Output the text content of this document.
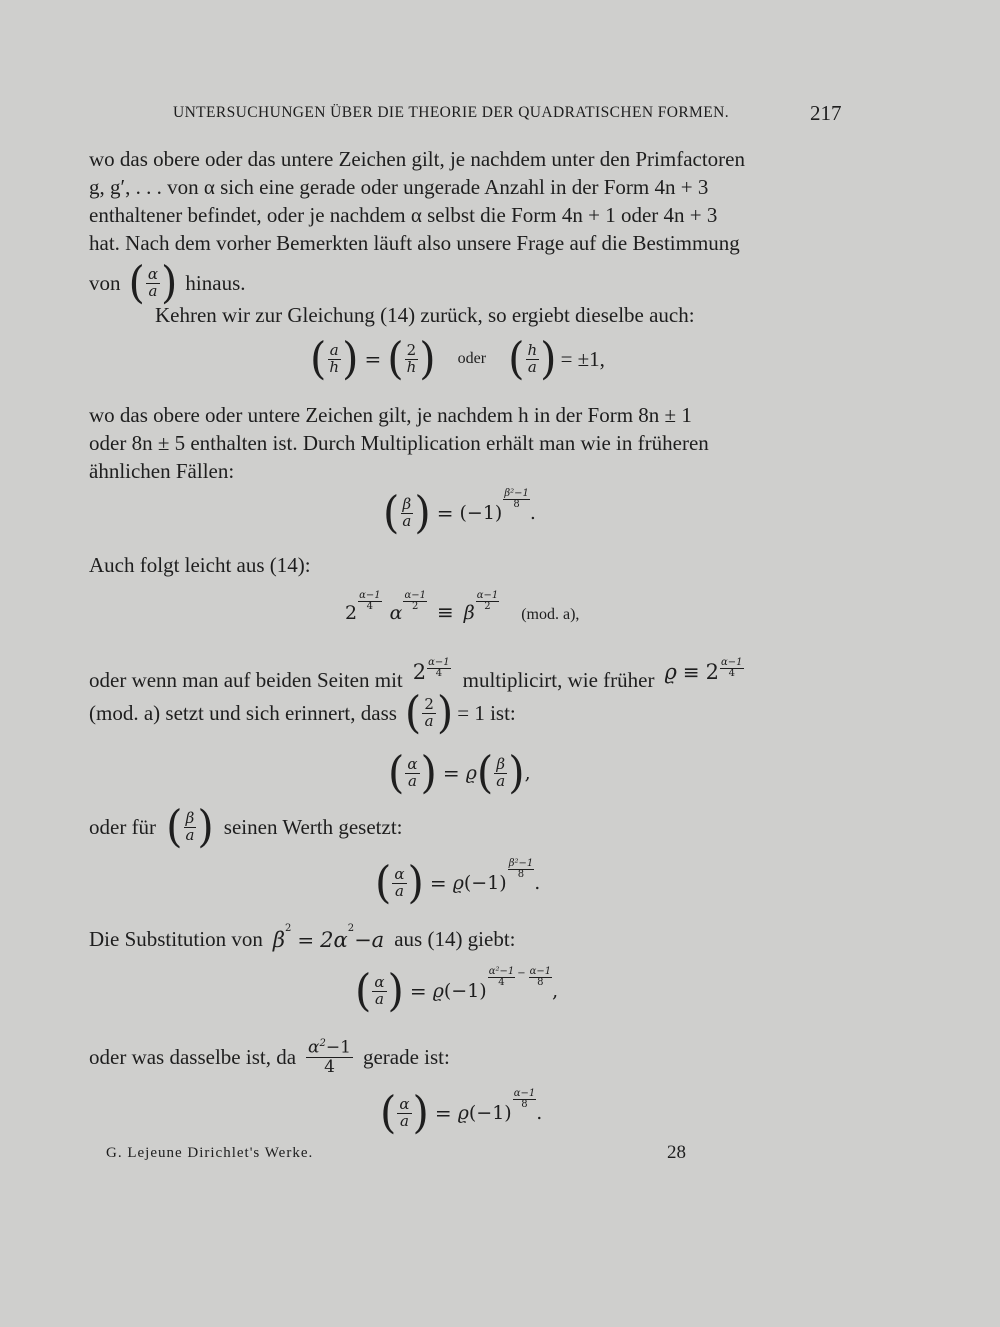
UNTERSUCHUNGEN ÜBER DIE THEORIE DER QUADRATISCHEN FORMEN.	217
wo das obere oder das untere Zeichen gilt, je nachdem unter den Primfactoren
g, g′, . . . von α sich eine gerade oder ungerade Anzahl in der Form 4n + 3
enthaltener befindet, oder je nachdem α selbst die Form 4n + 1 oder 4n + 3
hat. Nach dem vorher Bemerkten läuft also unsere Frage auf die Bestimmung
von ( $\frac{\alpha}{a}$ ) hinaus.
Kehren wir zur Gleichung (14) zurück, so ergiebt dieselbe auch:
( $\frac{a}{h}$ ) = ( $\frac{2}{h}$ ) oder ( $\frac{h}{a}$ ) = ±1,
wo das obere oder untere Zeichen gilt, je nachdem h in der Form 8n ± 1
oder 8n ± 5 enthalten ist. Durch Multiplication erhält man wie in früheren
ähnlichen Fällen:
( $\frac{\beta}{a}$ ) = (−1)
$\frac{\text{β²−1}}{8}$
.
Auch folgt leicht aus (14):
2
$\frac{\alpha-1}{4}$
α
$\frac{\alpha-1}{2} \equiv \beta$
$\frac{\alpha-1}{2}$
(mod. a),
oder wenn man auf beiden Seiten mit $2 \frac{\alpha-1}{4}$ multiplicirt, wie früher $ϱ \equiv 2 \frac{\alpha-1}{4}$
(mod. a) setzt und sich erinnert, dass ( $\frac{2}{a}$ ) = 1 ist:
( $\frac{\alpha}{a}$ ) = ϱ ( $\frac{\beta}{a}$ ) ,
oder für ( $\frac{\beta}{a}$ ) seinen Werth gesetzt:
( $\frac{\alpha}{a}$ ) = ϱ (−1)
$\frac{\text{β²−1}}{8}$
.
Die Substitution von $\beta^2 = 2\alpha^2-a$ aus (14) giebt:
( $\frac{\alpha}{a}$ ) = ϱ (−1)
$\frac{\text{α²−1}}{4} - \frac{\alpha-1}{8}$
,
oder was dasselbe ist, da $\alpha^2-1$
4 gerade ist:
( $\frac{\alpha}{a}$ ) = ϱ (−1)
$\frac{\alpha-1}{8}$
.
G. Lejeune Dirichlet's Werke.	28
